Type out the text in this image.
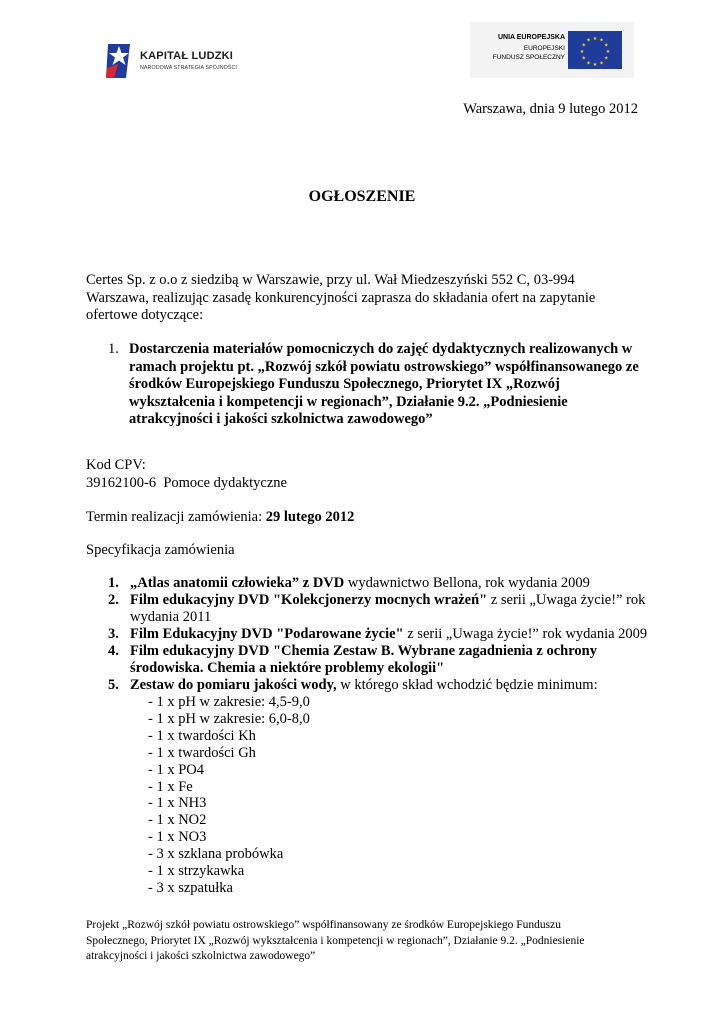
KAPITAŁ LUDZKI
NARODOWA STRATEGIA SPÓJNOŚCI
UNIA EUROPEJSKA
EUROPEJSKI
FUNDUSZ SPOŁECZNY
★ ★
★
★
★
★
★
★
★
★
★
★
Warszawa, dnia 9 lutego 2012
OGŁOSZENIE
Certes Sp. z o.o z siedzibą w Warszawie, przy ul. Wał Miedzeszyński 552 C, 03-994
Warszawa, realizując zasadę konkurencyjności zaprasza do składania ofert na zapytanie
ofertowe dotyczące:
1. Dostarczenia materiałów pomocniczych do zajęć dydaktycznych realizowanych w ramach projektu pt. „Rozwój szkół powiatu ostrowskiego” współfinansowanego ze środków Europejskiego Funduszu Społecznego, Priorytet IX „Rozwój wykształcenia i kompetencji w regionach”, Działanie 9.2. „Podniesienie atrakcyjności i jakości szkolnictwa zawodowego”
Kod CPV:
39162100-6  Pomoce dydaktyczne
Termin realizacji zamówienia: 29 lutego 2012
Specyfikacja zamówienia
1. „Atlas anatomii człowieka” z DVD wydawnictwo Bellona, rok wydania 2009
2. Film edukacyjny DVD "Kolekcjonerzy mocnych wrażeń" z serii „Uwaga życie!” rok wydania 2011
3. Film Edukacyjny DVD "Podarowane życie" z serii „Uwaga życie!” rok wydania 2009
4. Film edukacyjny DVD "Chemia Zestaw B. Wybrane zagadnienia z ochrony środowiska. Chemia a niektóre problemy ekologii"
5. Zestaw do pomiaru jakości wody, w którego skład wchodzić będzie minimum:
- 1 x pH w zakresie: 4,5-9,0
- 1 x pH w zakresie: 6,0-8,0
- 1 x twardości Kh
- 1 x twardości Gh
- 1 x PO4
- 1 x Fe
- 1 x NH3
- 1 x NO2
- 1 x NO3
- 3 x szklana probówka
- 1 x strzykawka
- 3 x szpatułka
Projekt „Rozwój szkół powiatu ostrowskiego” współfinansowany ze środków Europejskiego Funduszu
Społecznego, Priorytet IX „Rozwój wykształcenia i kompetencji w regionach”, Działanie 9.2. „Podniesienie
atrakcyjności i jakości szkolnictwa zawodowego”
